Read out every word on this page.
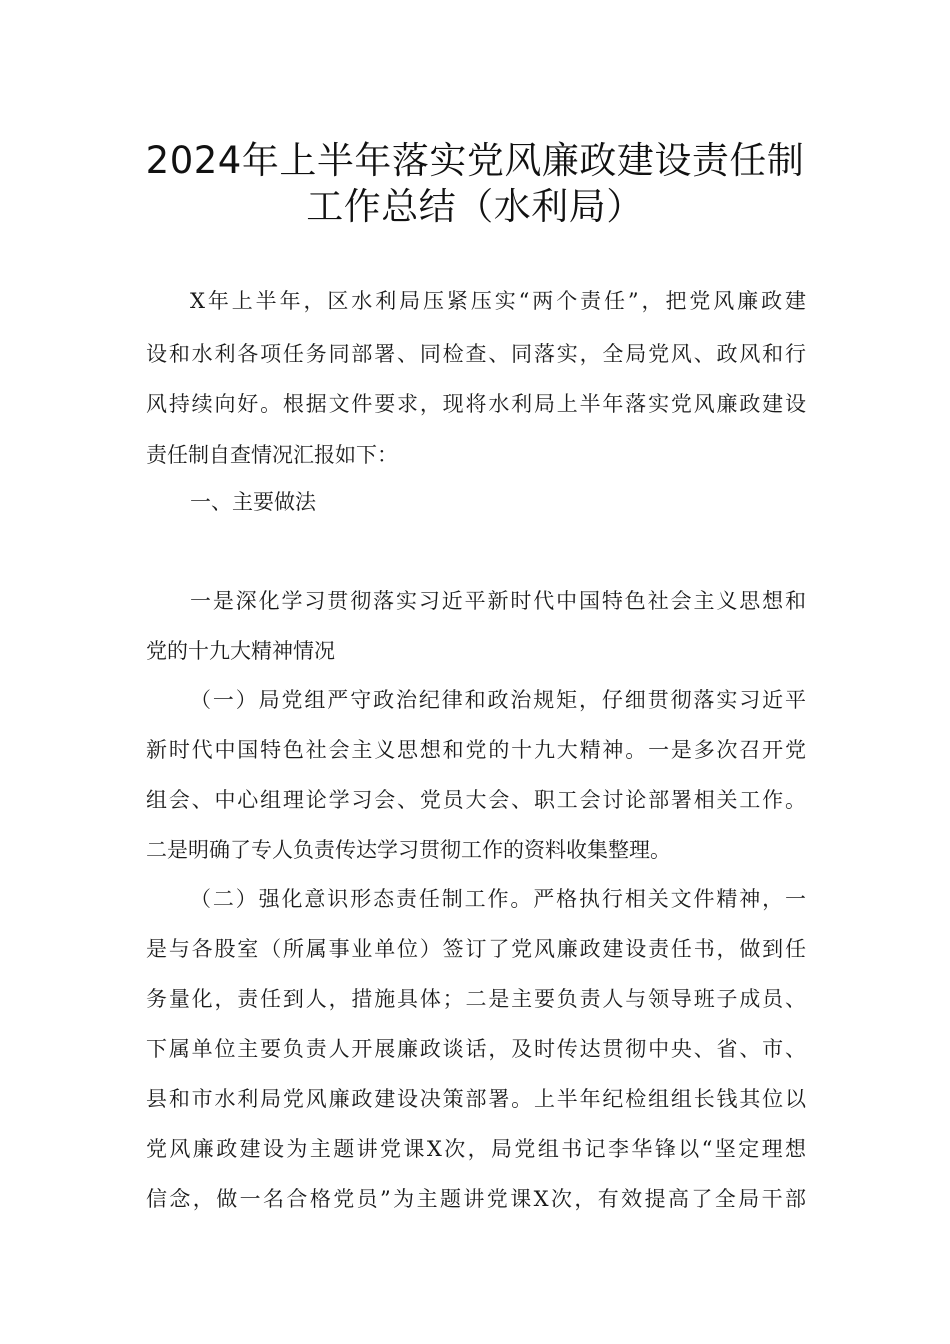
2024年上半年落实党风廉政建设责任制
工作总结（水利局）
X年上半年，区水利局压紧压实“两个责任”，把党风廉政建
设和水利各项任务同部署、同检查、同落实，全局党风、政风和行
风持续向好。根据文件要求，现将水利局上半年落实党风廉政建设
责任制自查情况汇报如下：
一、主要做法
一是深化学习贯彻落实习近平新时代中国特色社会主义思想和
党的十九大精神情况
（一）局党组严守政治纪律和政治规矩，仔细贯彻落实习近平
新时代中国特色社会主义思想和党的十九大精神。一是多次召开党
组会、中心组理论学习会、党员大会、职工会讨论部署相关工作。
二是明确了专人负责传达学习贯彻工作的资料收集整理。
（二）强化意识形态责任制工作。严格执行相关文件精神，一
是与各股室（所属事业单位）签订了党风廉政建设责任书，做到任
务量化，责任到人，措施具体；二是主要负责人与领导班子成员、
下属单位主要负责人开展廉政谈话，及时传达贯彻中央、省、市、
县和市水利局党风廉政建设决策部署。上半年纪检组组长钱其位以
党风廉政建设为主题讲党课X次，局党组书记李华锋以“坚定理想
信念，做一名合格党员”为主题讲党课X次，有效提高了全局干部
